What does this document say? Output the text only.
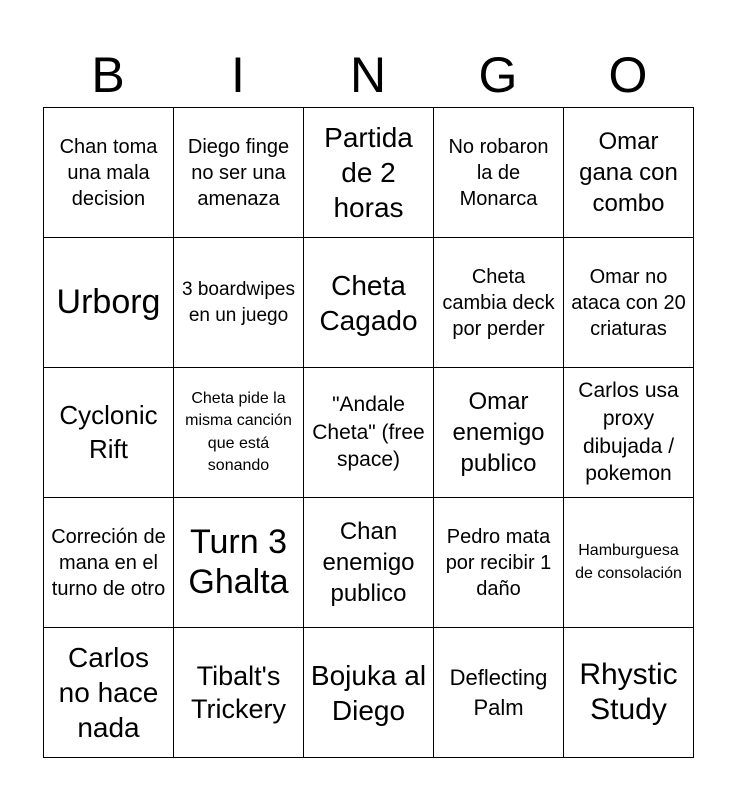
B	I	N	G	O
Chan toma una mala decision	Diego finge no ser una amenaza	Partida de 2 horas	No robaron la de Monarca	Omar gana con combo

Urborg	3 boardwipes en un juego	Cheta Cagado	Cheta cambia deck por perder	Omar no ataca con 20 criaturas

Cyclonic Rift	Cheta pide la misma canción que está sonando	"Andale Cheta" (free space)	Omar enemigo publico	Carlos usa proxy dibujada / pokemon

Correción de mana en el turno de otro	Turn 3 Ghalta	Chan enemigo publico	Pedro mata por recibir 1 daño	Hamburguesa de consolación

Carlos no hace nada	Tibalt's Trickery	Bojuka al Diego	Deflecting Palm	Rhystic Study
